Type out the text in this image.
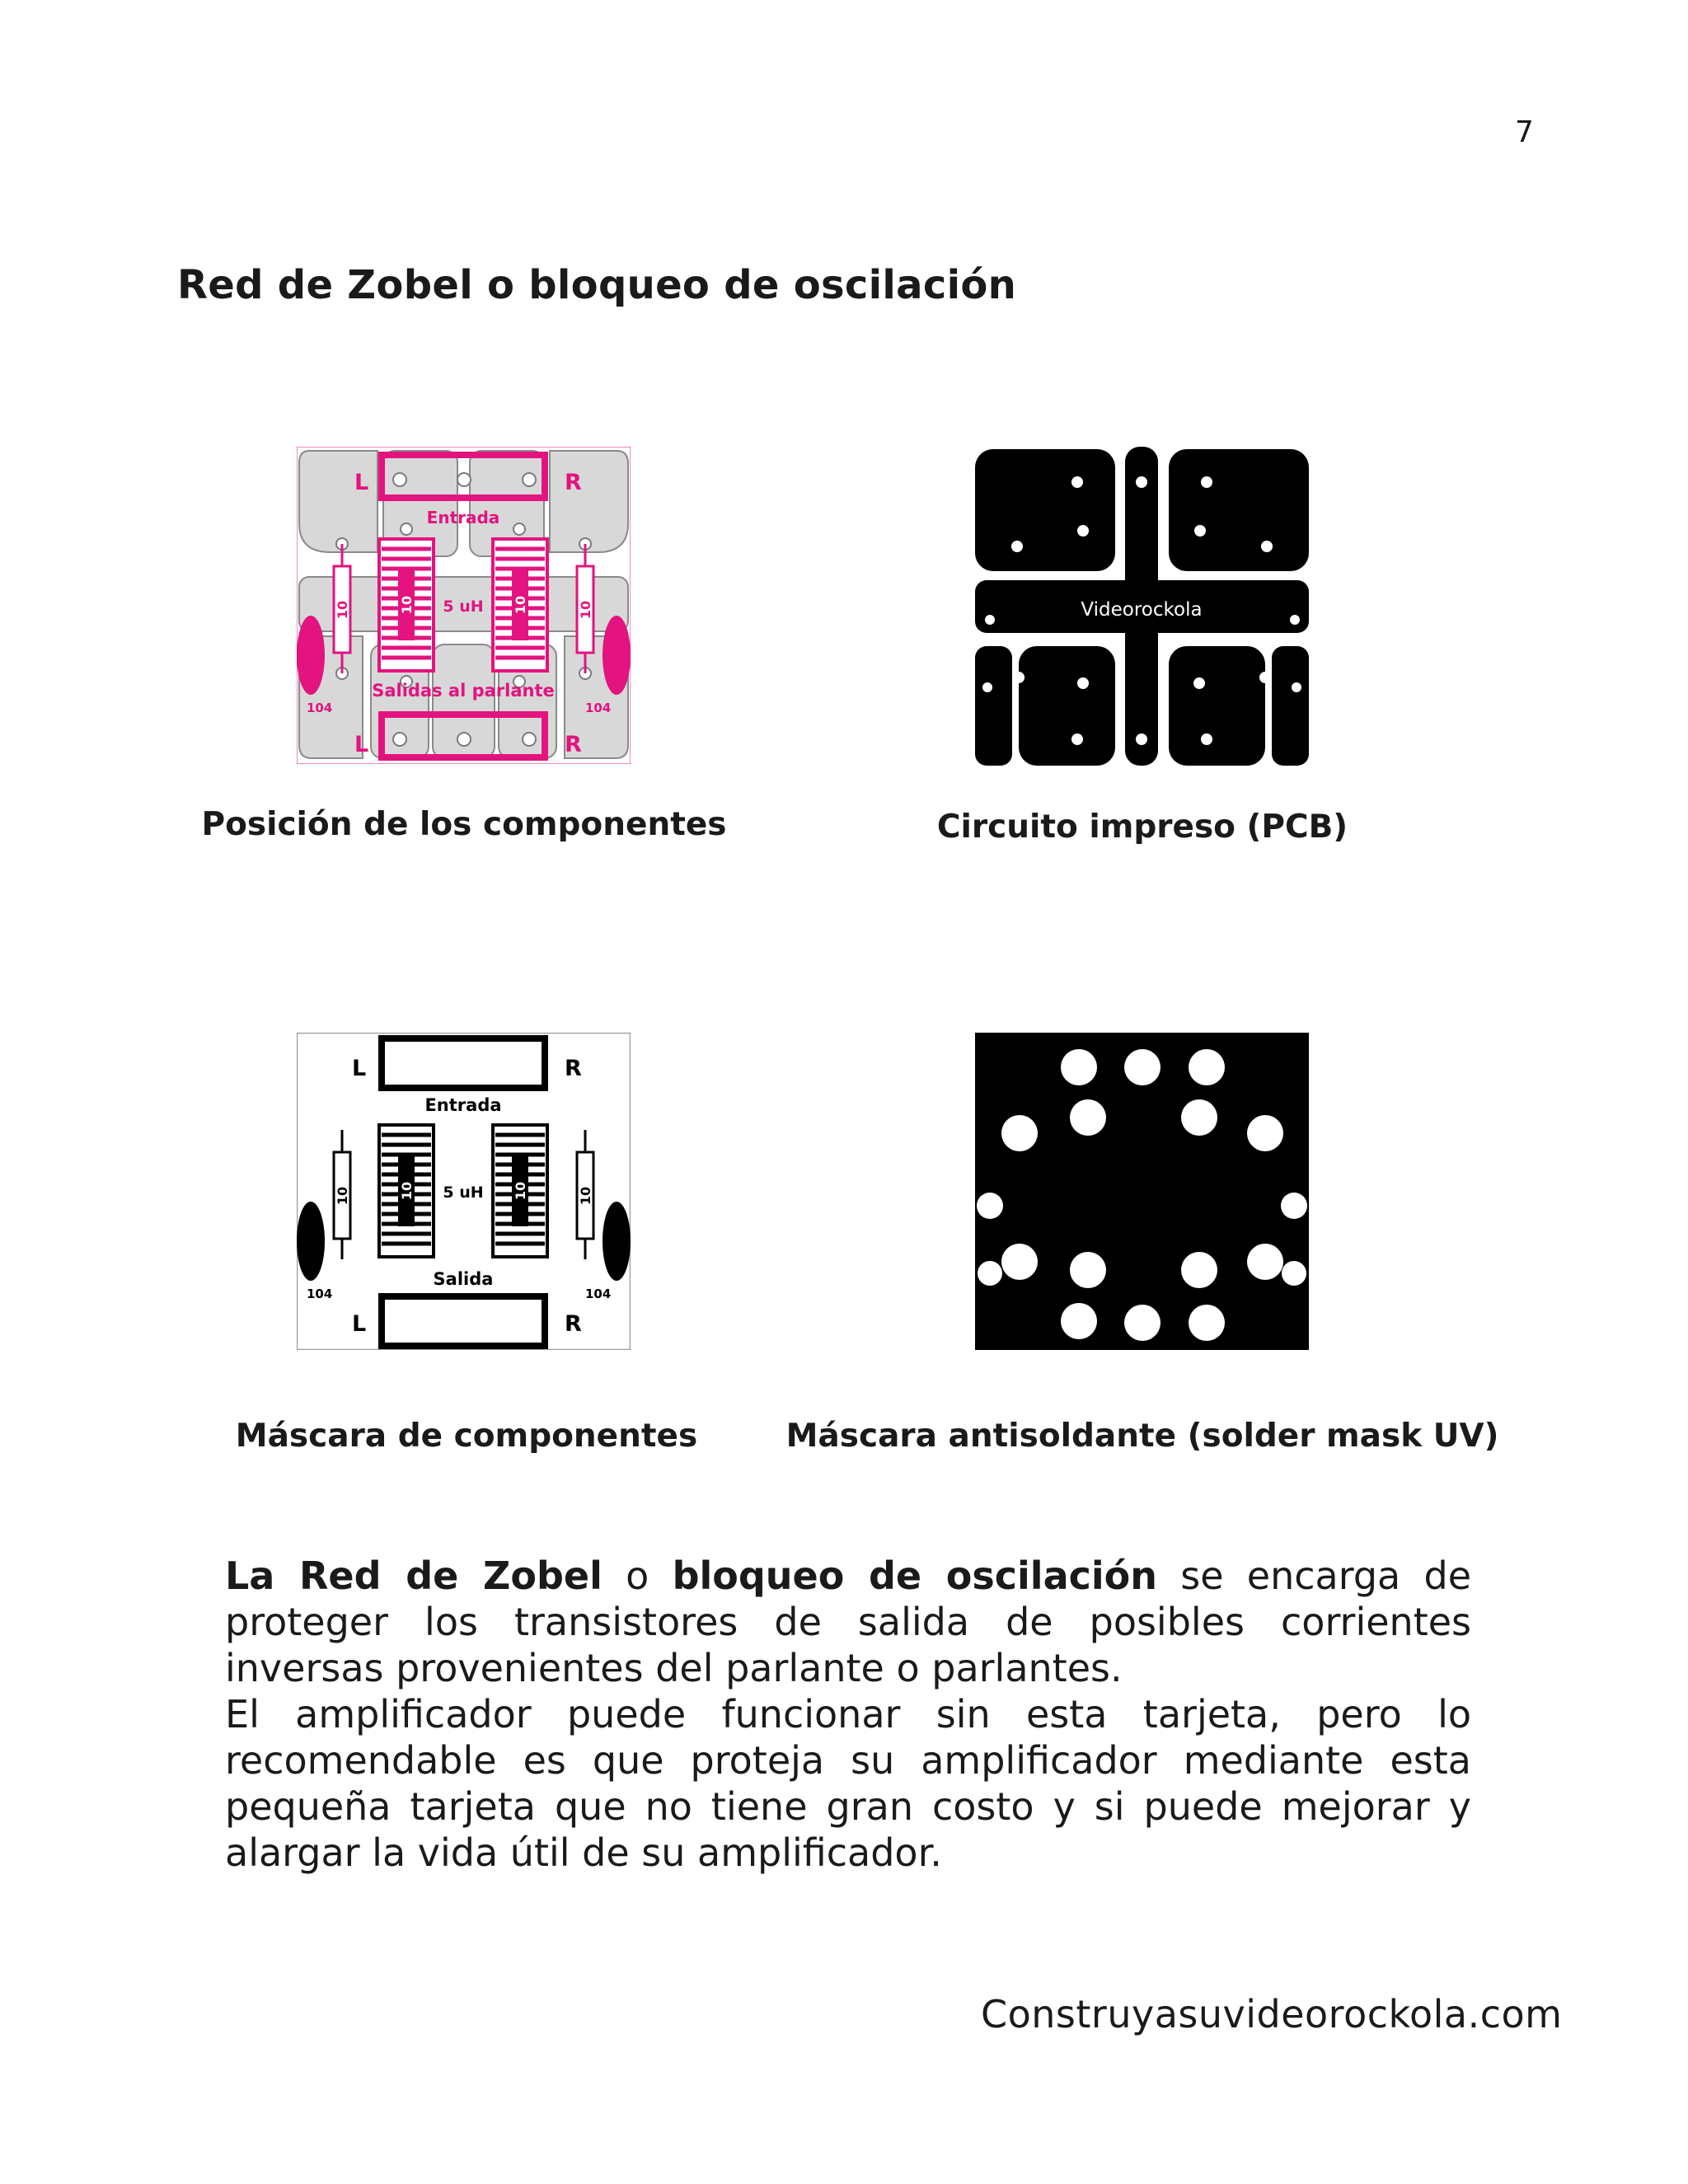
7
Red de Zobel o bloqueo de oscilación
L	R
Entrada
Salidas al parlante
5 uH
L	R
104	104
10	10
10	10
Posición de los componentes
Videorockola
Circuito impreso (PCB)
L	R
Entrada
Salida
5 uH
L	R
104	104
10	10
10	10
Máscara de componentes	Máscara antisoldante (solder mask UV)

La Red de Zobel o bloqueo de oscilación se encarga de proteger los transistores de salida de posibles corrientes inversas provenientes del parlante o parlantes.

El amplificador puede funcionar sin esta tarjeta, pero lo recomendable es que proteja su amplificador mediante esta pequeña tarjeta que no tiene gran costo y si puede mejorar y alargar la vida útil de su amplificador.

Construyasuvideorockola.com
